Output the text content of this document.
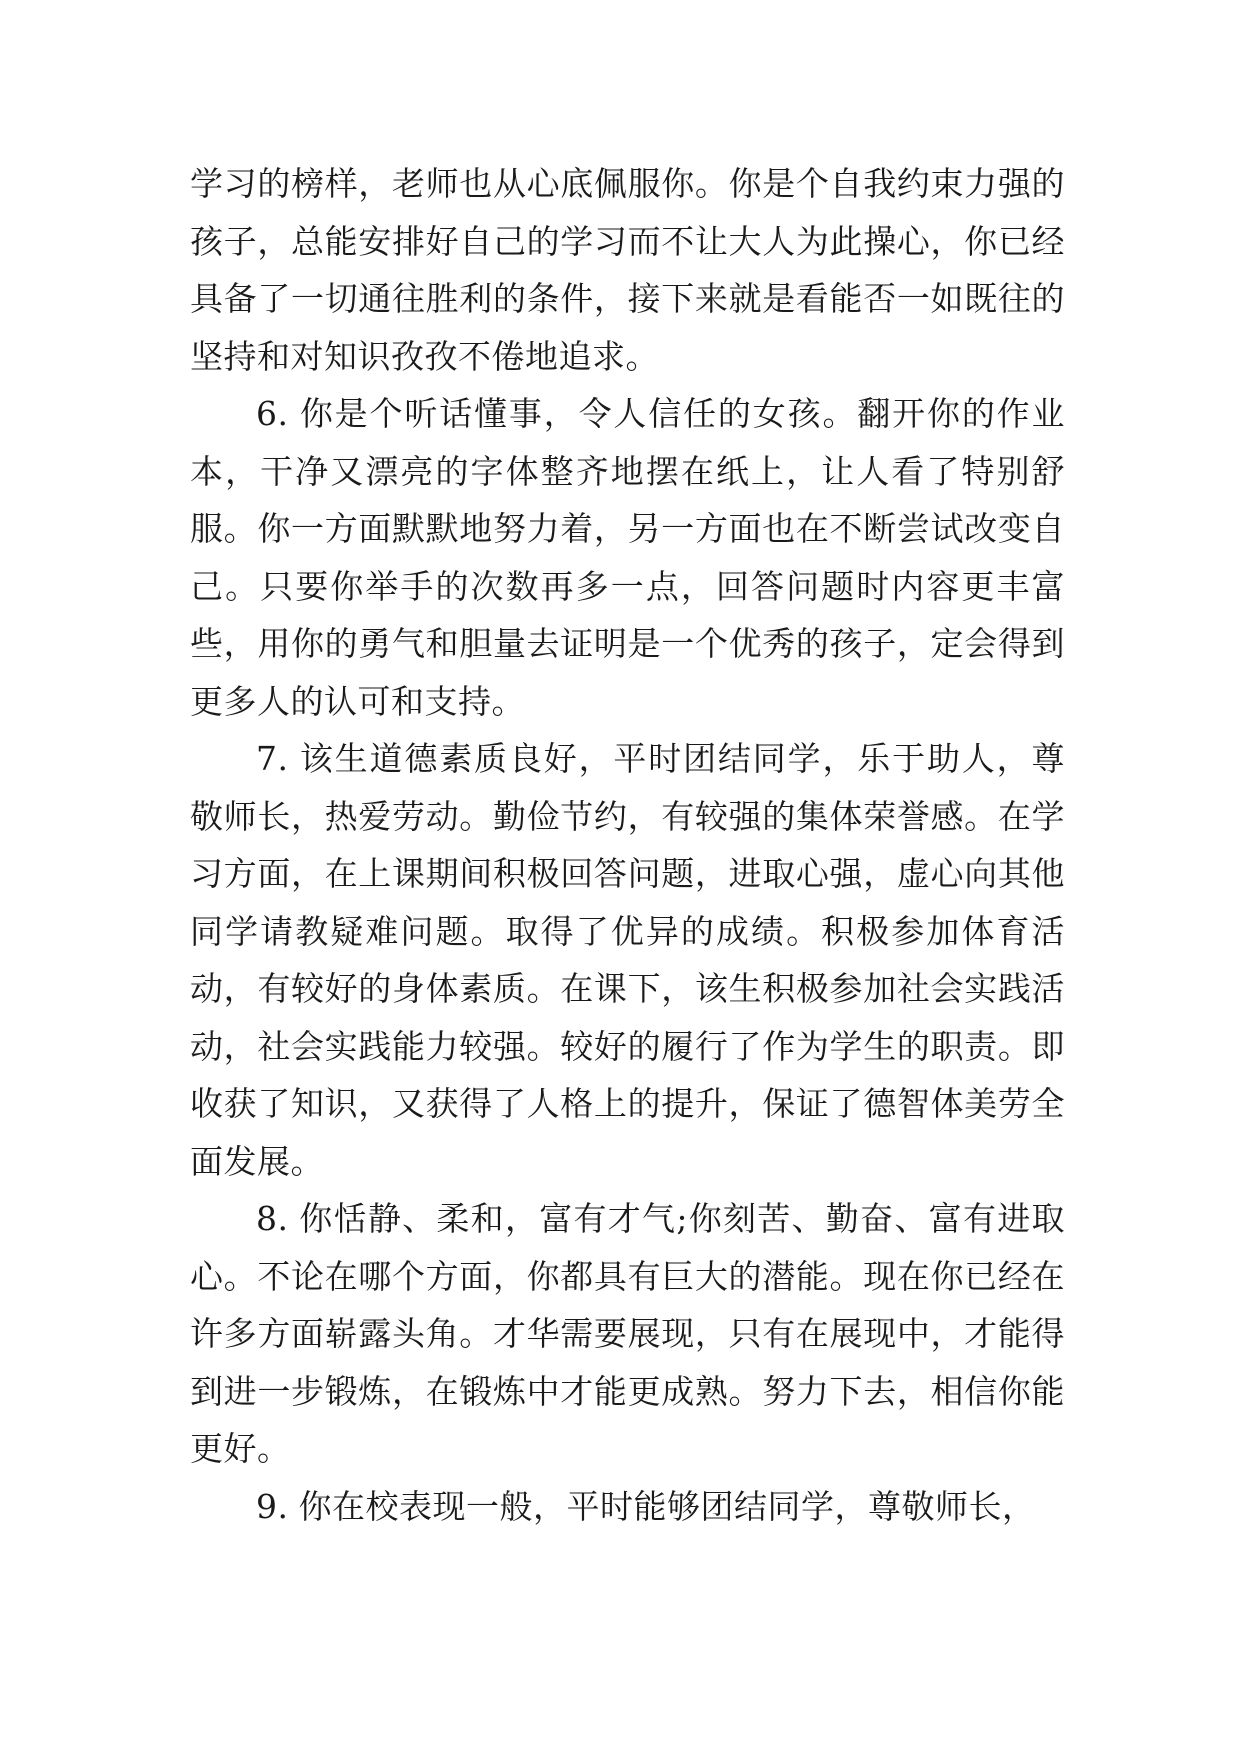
学习的榜样，老师也从心底佩服你。你是个自我约束力强的孩子，总能安排好自己的学习而不让大人为此操心，你已经具备了一切通往胜利的条件，接下来就是看能否一如既往的坚持和对知识孜孜不倦地追求。

6. 你是个听话懂事，令人信任的女孩。翻开你的作业本，干净又漂亮的字体整齐地摆在纸上，让人看了特别舒服。你一方面默默地努力着，另一方面也在不断尝试改变自己。只要你举手的次数再多一点，回答问题时内容更丰富些，用你的勇气和胆量去证明是一个优秀的孩子，定会得到更多人的认可和支持。

7. 该生道德素质良好，平时团结同学，乐于助人，尊敬师长，热爱劳动。勤俭节约，有较强的集体荣誉感。在学习方面，在上课期间积极回答问题，进取心强，虚心向其他同学请教疑难问题。取得了优异的成绩。积极参加体育活动，有较好的身体素质。在课下，该生积极参加社会实践活动，社会实践能力较强。较好的履行了作为学生的职责。即收获了知识，又获得了人格上的提升，保证了德智体美劳全面发展。

8. 你恬静、柔和，富有才气;你刻苦、勤奋、富有进取心。不论在哪个方面，你都具有巨大的潜能。现在你已经在许多方面崭露头角。才华需要展现，只有在展现中，才能得到进一步锻炼，在锻炼中才能更成熟。努力下去，相信你能更好。

9. 你在校表现一般，平时能够团结同学，尊敬师长，
